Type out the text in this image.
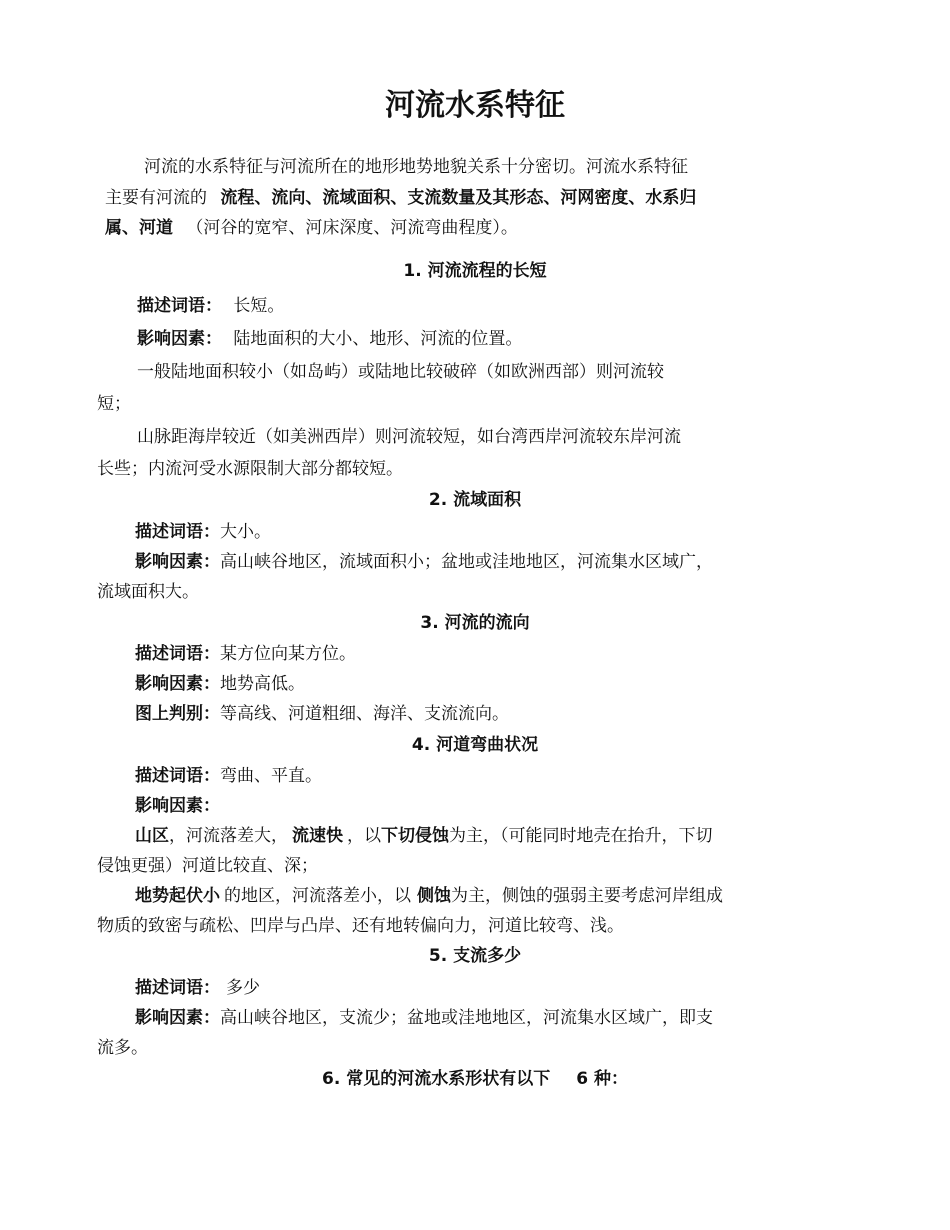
河流水系特征
河流的水系特征与河流所在的地形地势地貌关系十分密切。河流水系特征
主要有河流的 流程、流向、流域面积、支流数量及其形态、河网密度、水系归
属、河道 （河谷的宽窄、河床深度、河流弯曲程度）。
1. 河流流程的长短
描述词语： 长短。
影响因素： 陆地面积的大小、地形、河流的位置。
一般陆地面积较小（如岛屿）或陆地比较破碎（如欧洲西部）则河流较
短；
山脉距海岸较近（如美洲西岸）则河流较短，如台湾西岸河流较东岸河流
长些；内流河受水源限制大部分都较短。
2. 流域面积
描述词语：大小。
影响因素：高山峡谷地区，流域面积小；盆地或洼地地区，河流集水区域广，
流域面积大。
3. 河流的流向
描述词语：某方位向某方位。
影响因素：地势高低。
图上判别：等高线、河道粗细、海洋、支流流向。
4. 河道弯曲状况
描述词语：弯曲、平直。
影响因素：
山区，河流落差大， 流速快 ，以下切侵蚀为主，（可能同时地壳在抬升，下切
侵蚀更强）河道比较直、深；
地势起伏小 的地区，河流落差小，以 侧蚀为主，侧蚀的强弱主要考虑河岸组成
物质的致密与疏松、凹岸与凸岸、还有地转偏向力，河道比较弯、浅。
5. 支流多少
描述词语： 多少
影响因素：高山峡谷地区，支流少；盆地或洼地地区，河流集水区域广，即支
流多。
6. 常见的河流水系形状有以下 6 种：
